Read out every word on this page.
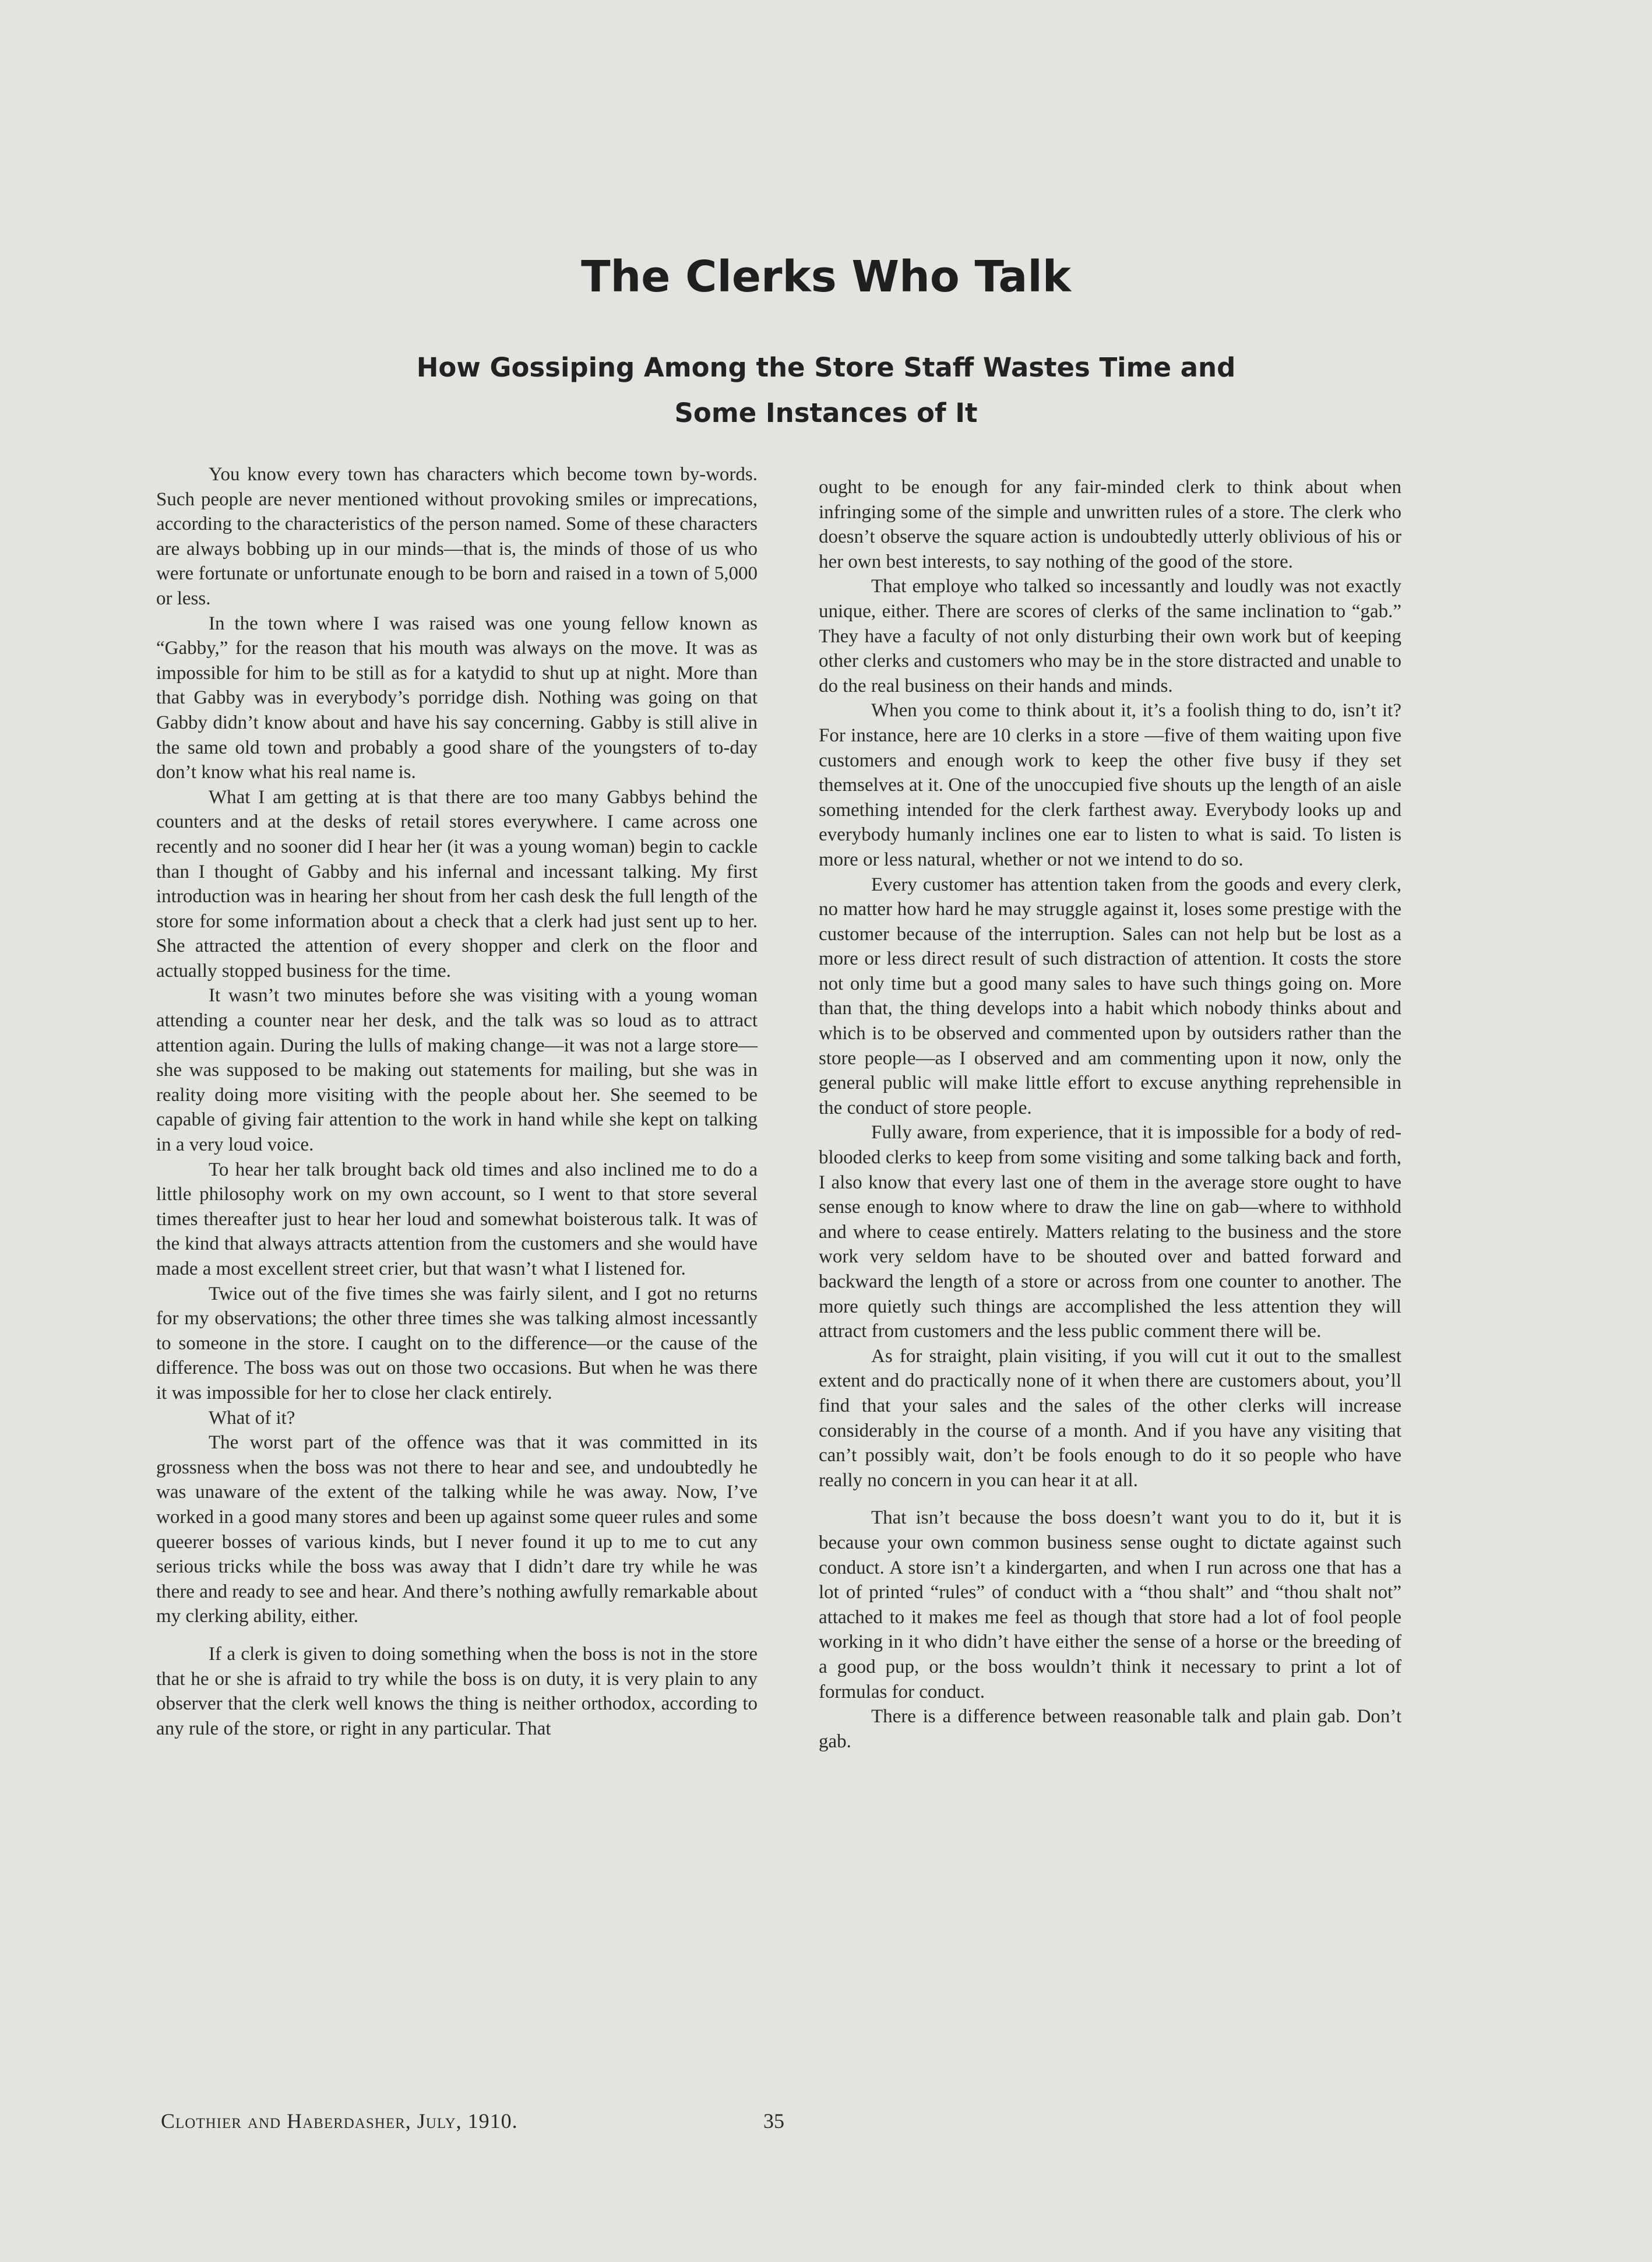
The Clerks Who Talk
How Gossiping Among the Store Staff Wastes Time and
Some Instances of It

You know every town has characters which become town by-words. Such people are never mentioned without provoking smiles or imprecations, according to the characteristics of the person named. Some of these characters are always bobbing up in our minds—that is, the minds of those of us who were fortunate or unfortunate enough to be born and raised in a town of 5,000 or less.

In the town where I was raised was one young fellow known as “Gabby,” for the reason that his mouth was always on the move. It was as impossible for him to be still as for a katydid to shut up at night. More than that Gabby was in everybody’s porridge dish. Nothing was going on that Gabby didn’t know about and have his say concerning. Gabby is still alive in the same old town and probably a good share of the youngsters of to-day don’t know what his real name is.

What I am getting at is that there are too many Gabbys behind the counters and at the desks of retail stores everywhere. I came across one recently and no sooner did I hear her (it was a young woman) begin to cackle than I thought of Gabby and his infernal and incessant talking. My first introduction was in hearing her shout from her cash desk the full length of the store for some information about a check that a clerk had just sent up to her. She attracted the attention of every shopper and clerk on the floor and actually stopped business for the time.

It wasn’t two minutes before she was visiting with a young woman attending a counter near her desk, and the talk was so loud as to attract attention again. During the lulls of making change—it was not a large store—she was supposed to be making out statements for mailing, but she was in reality doing more visiting with the people about her. She seemed to be capable of giving fair attention to the work in hand while she kept on talking in a very loud voice.

To hear her talk brought back old times and also inclined me to do a little philosophy work on my own account, so I went to that store several times thereafter just to hear her loud and somewhat boisterous talk. It was of the kind that always attracts attention from the customers and she would have made a most excellent street crier, but that wasn’t what I listened for.

Twice out of the five times she was fairly silent, and I got no returns for my observations; the other three times she was talking almost incessantly to someone in the store. I caught on to the difference—or the cause of the difference. The boss was out on those two occasions. But when he was there it was impossible for her to close her clack entirely.

What of it?

The worst part of the offence was that it was committed in its grossness when the boss was not there to hear and see, and undoubtedly he was unaware of the extent of the talking while he was away. Now, I’ve worked in a good many stores and been up against some queer rules and some queerer bosses of various kinds, but I never found it up to me to cut any serious tricks while the boss was away that I didn’t dare try while he was there and ready to see and hear. And there’s nothing awfully remarkable about my clerking ability, either.

If a clerk is given to doing something when the boss is not in the store that he or she is afraid to try while the boss is on duty, it is very plain to any observer that the clerk well knows the thing is neither orthodox, according to any rule of the store, or right in any particular. That

ought to be enough for any fair-minded clerk to think about when infringing some of the simple and unwritten rules of a store. The clerk who doesn’t observe the square action is undoubtedly utterly oblivious of his or her own best interests, to say nothing of the good of the store.

That employe who talked so incessantly and loudly was not exactly unique, either. There are scores of clerks of the same inclination to “gab.” They have a faculty of not only disturbing their own work but of keeping other clerks and customers who may be in the store distracted and unable to do the real business on their hands and minds.

When you come to think about it, it’s a foolish thing to do, isn’t it? For instance, here are 10 clerks in a store —five of them waiting upon five customers and enough work to keep the other five busy if they set themselves at it. One of the unoccupied five shouts up the length of an aisle something intended for the clerk farthest away. Everybody looks up and everybody humanly inclines one ear to listen to what is said. To listen is more or less natural, whether or not we intend to do so.

Every customer has attention taken from the goods and every clerk, no matter how hard he may struggle against it, loses some prestige with the customer because of the interruption. Sales can not help but be lost as a more or less direct result of such distraction of attention. It costs the store not only time but a good many sales to have such things going on. More than that, the thing develops into a habit which nobody thinks about and which is to be observed and commented upon by outsiders rather than the store people—as I observed and am commenting upon it now, only the general public will make little effort to excuse anything reprehensible in the conduct of store people.

Fully aware, from experience, that it is impossible for a body of red-blooded clerks to keep from some visiting and some talking back and forth, I also know that every last one of them in the average store ought to have sense enough to know where to draw the line on gab—where to withhold and where to cease entirely. Matters relating to the business and the store work very seldom have to be shouted over and batted forward and backward the length of a store or across from one counter to another. The more quietly such things are accomplished the less attention they will attract from customers and the less public comment there will be.

As for straight, plain visiting, if you will cut it out to the smallest extent and do practically none of it when there are customers about, you’ll find that your sales and the sales of the other clerks will increase considerably in the course of a month. And if you have any visiting that can’t possibly wait, don’t be fools enough to do it so people who have really no concern in you can hear it at all.

That isn’t because the boss doesn’t want you to do it, but it is because your own common business sense ought to dictate against such conduct. A store isn’t a kindergarten, and when I run across one that has a lot of printed “rules” of conduct with a “thou shalt” and “thou shalt not” attached to it makes me feel as though that store had a lot of fool people working in it who didn’t have either the sense of a horse or the breeding of a good pup, or the boss wouldn’t think it necessary to print a lot of formulas for conduct.

There is a difference between reasonable talk and plain gab. Don’t gab.

Clothier and Haberdasher, July, 1910.	35
